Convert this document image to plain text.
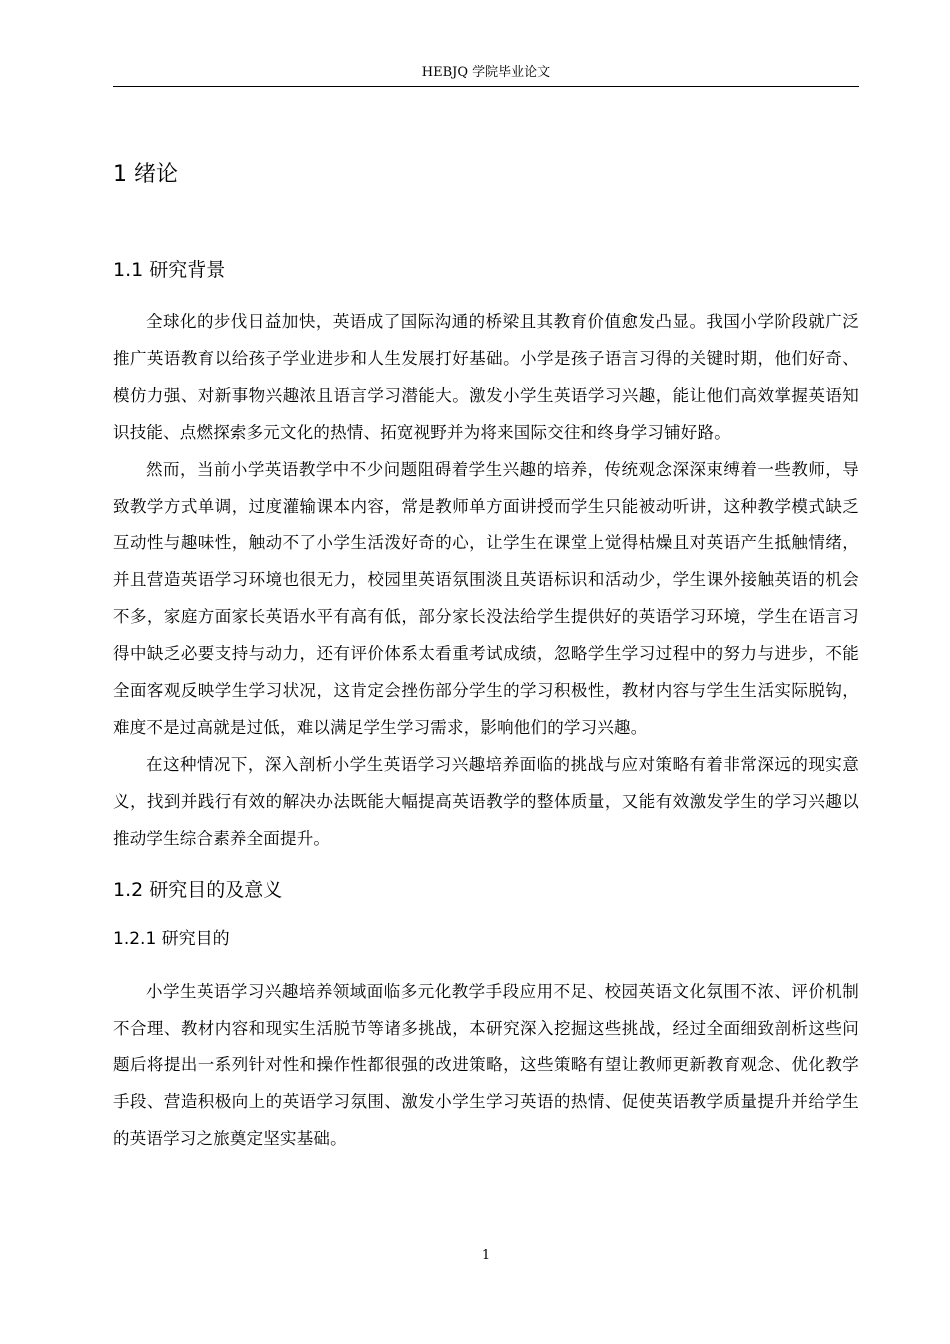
HEBJQ 学院毕业论文
1 绪论
1.1 研究背景

全球化的步伐日益加快，英语成了国际沟通的桥梁且其教育价值愈发凸显。我国小学阶段就广泛推广英语教育以给孩子学业进步和人生发展打好基础。小学是孩子语言习得的关键时期，他们好奇、模仿力强、对新事物兴趣浓且语言学习潜能大。激发小学生英语学习兴趣，能让他们高效掌握英语知识技能、点燃探索多元文化的热情、拓宽视野并为将来国际交往和终身学习铺好路。

然而，当前小学英语教学中不少问题阻碍着学生兴趣的培养，传统观念深深束缚着一些教师，导致教学方式单调，过度灌输课本内容，常是教师单方面讲授而学生只能被动听讲，这种教学模式缺乏互动性与趣味性，触动不了小学生活泼好奇的心，让学生在课堂上觉得枯燥且对英语产生抵触情绪，并且营造英语学习环境也很无力，校园里英语氛围淡且英语标识和活动少，学生课外接触英语的机会不多，家庭方面家长英语水平有高有低，部分家长没法给学生提供好的英语学习环境，学生在语言习得中缺乏必要支持与动力，还有评价体系太看重考试成绩，忽略学生学习过程中的努力与进步，不能全面客观反映学生学习状况，这肯定会挫伤部分学生的学习积极性，教材内容与学生生活实际脱钩，难度不是过高就是过低，难以满足学生学习需求，影响他们的学习兴趣。

在这种情况下，深入剖析小学生英语学习兴趣培养面临的挑战与应对策略有着非常深远的现实意义，找到并践行有效的解决办法既能大幅提高英语教学的整体质量，又能有效激发学生的学习兴趣以推动学生综合素养全面提升。

1.2 研究目的及意义
1.2.1 研究目的

小学生英语学习兴趣培养领域面临多元化教学手段应用不足、校园英语文化氛围不浓、评价机制不合理、教材内容和现实生活脱节等诸多挑战，本研究深入挖掘这些挑战，经过全面细致剖析这些问题后将提出一系列针对性和操作性都很强的改进策略，这些策略有望让教师更新教育观念、优化教学手段、营造积极向上的英语学习氛围、激发小学生学习英语的热情、促使英语教学质量提升并给学生的英语学习之旅奠定坚实基础。

1
